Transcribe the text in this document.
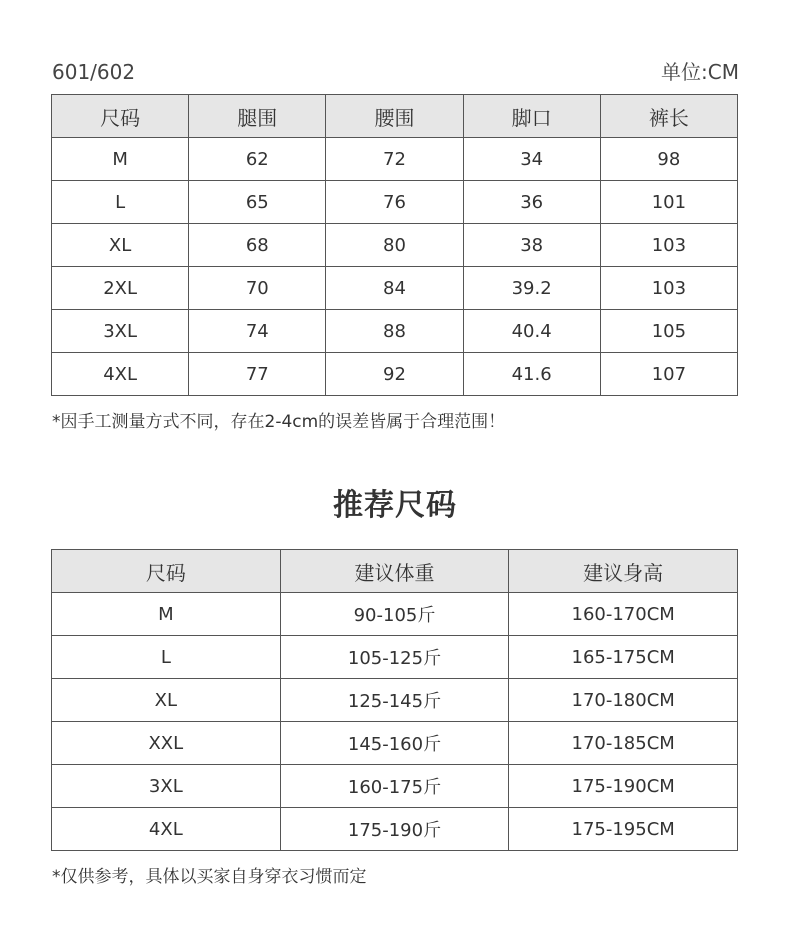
601/602	单位:CM
尺码	腿围	腰围	脚口	裤长
M	62	72	34	98
L	65	76	36	101
XL	68	80	38	103
2XL	70	84	39.2	103
3XL	74	88	40.4	105
4XL	77	92	41.6	107
*因手工测量方式不同，存在2-4cm的误差皆属于合理范围！
推荐尺码
尺码	建议体重	建议身高
M	90-105斤	160-170CM
L	105-125斤	165-175CM
XL	125-145斤	170-180CM
XXL	145-160斤	170-185CM
3XL	160-175斤	175-190CM
4XL	175-190斤	175-195CM
*仅供参考，具体以买家自身穿衣习惯而定
